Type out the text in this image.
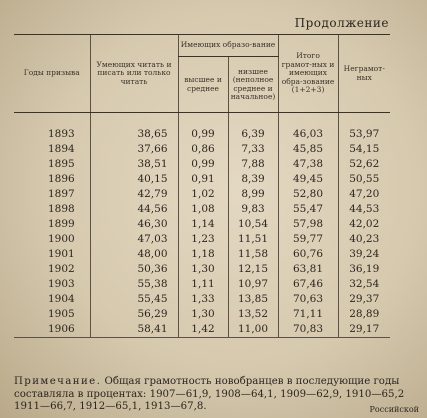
Продолжение
Годы призыва	Умеющих читать и писать или только читать	Имеющих образо-вание		Итого грамот-ных и имеющих обра-зование (1+2+3)	Неграмот-ных
		высшее и среднее	низшее (неполное среднее и начальное)		
1893	38,65	0,99	6,39	46,03	53,97
1894	37,66	0,86	7,33	45,85	54,15
1895	38,51	0,99	7,88	47,38	52,62
1896	40,15	0,91	8,39	49,45	50,55
1897	42,79	1,02	8,99	52,80	47,20
1898	44,56	1,08	9,83	55,47	44,53
1899	46,30	1,14	10,54	57,98	42,02
1900	47,03	1,23	11,51	59,77	40,23
1901	48,00	1,18	11,58	60,76	39,24
1902	50,36	1,30	12,15	63,81	36,19
1903	55,38	1,11	10,97	67,46	32,54
1904	55,45	1,33	13,85	70,63	29,37
1905	56,29	1,30	13,52	71,11	28,89
1906	58,41	1,42	11,00	70,83	29,17
Примечание. Общая грамотность новобранцев в последующие годы составляла в процентах: 1907—61,9, 1908—64,1, 1909—62,9, 1910—65,2 1911—66,7, 1912—65,1, 1913—67,8.	Российской
